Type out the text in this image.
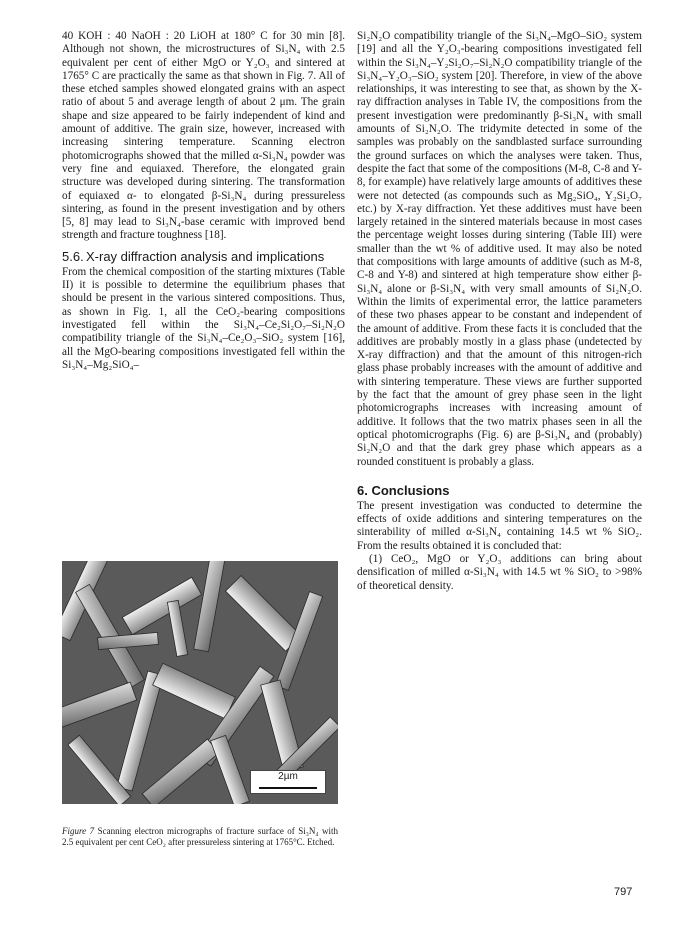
40 KOH : 40 NaOH : 20 LiOH at 180° C for 30 min [8]. Although not shown, the microstructures of Si₃N₄ with 2.5 equivalent per cent of either MgO or Y₂O₃ and sintered at 1765° C are practically the same as that shown in Fig. 7. All of these etched samples showed elongated grains with an aspect ratio of about 5 and average length of about 2 μm. The grain shape and size appeared to be fairly independent of kind and amount of additive. The grain size, however, increased with increasing sintering temperature. Scanning electron photomicrographs showed that the milled α-Si₃N₄ powder was very fine and equiaxed. Therefore, the elongated grain structure was developed during sintering. The transformation of equiaxed α- to elongated β-Si₃N₄ during pressureless sintering, as found in the present investigation and by others [5, 8] may lead to Si₃N₄-base ceramic with improved bend strength and fracture toughness [18].

5.6. X-ray diffraction analysis and implications

From the chemical composition of the starting mixtures (Table II) it is possible to determine the equilibrium phases that should be present in the various sintered compositions. Thus, as shown in Fig. 1, all the CeO₂-bearing compositions investigated fell within the Si₃N₄–Ce₂Si₂O₇–Si₂N₂O compatibility triangle of the Si₃N₄–Ce₂O₃–SiO₂ system [16], all the MgO-bearing compositions investigated fell within the Si₃N₄–Mg₂SiO₄–

2µm
Figure 7 Scanning electron micrographs of fracture surface of Si₃N₄ with 2.5 equivalent per cent CeO₂ after pressureless sintering at 1765°C. Etched.

Si₂N₂O compatibility triangle of the Si₃N₄–MgO–SiO₂ system [19] and all the Y₂O₃-bearing compositions investigated fell within the Si₃N₄–Y₂Si₂O₇–Si₂N₂O compatibility triangle of the Si₃N₄–Y₂O₃–SiO₂ system [20]. Therefore, in view of the above relationships, it was interesting to see that, as shown by the X-ray diffraction analyses in Table IV, the compositions from the present investigation were predominantly β-Si₃N₄ with small amounts of Si₂N₂O. The tridymite detected in some of the samples was probably on the sandblasted surface surrounding the ground surfaces on which the analyses were taken. Thus, despite the fact that some of the compositions (M-8, C-8 and Y-8, for example) have relatively large amounts of additives these were not detected (as compounds such as Mg₂SiO₄, Y₂Si₂O₇ etc.) by X-ray diffraction. Yet these additives must have been largely retained in the sintered materials because in most cases the percentage weight losses during sintering (Table III) were smaller than the wt % of additive used. It may also be noted that compositions with large amounts of additive (such as M-8, C-8 and Y-8) and sintered at high temperature show either β-Si₃N₄ alone or β-Si₃N₄ with very small amounts of Si₂N₂O. Within the limits of experimental error, the lattice parameters of these two phases appear to be constant and independent of the amount of additive. From these facts it is concluded that the additives are probably mostly in a glass phase (undetected by X-ray diffraction) and that the amount of this nitrogen-rich glass phase probably increases with the amount of additive and with sintering temperature. These views are further supported by the fact that the amount of grey phase seen in the light photomicrographs increases with increasing amount of additive. It follows that the two matrix phases seen in all the optical photomicrographs (Fig. 6) are β-Si₃N₄ and (probably) Si₂N₂O and that the dark grey phase which appears as a rounded constituent is probably a glass.

6. Conclusions

The present investigation was conducted to determine the effects of oxide additions and sintering temperatures on the sinterability of milled α-Si₃N₄ containing 14.5 wt % SiO₂. From the results obtained it is concluded that:

(1) CeO₂, MgO or Y₂O₃ additions can bring about densification of milled α-Si₃N₄ with 14.5 wt % SiO₂ to >98% of theoretical density.

797
